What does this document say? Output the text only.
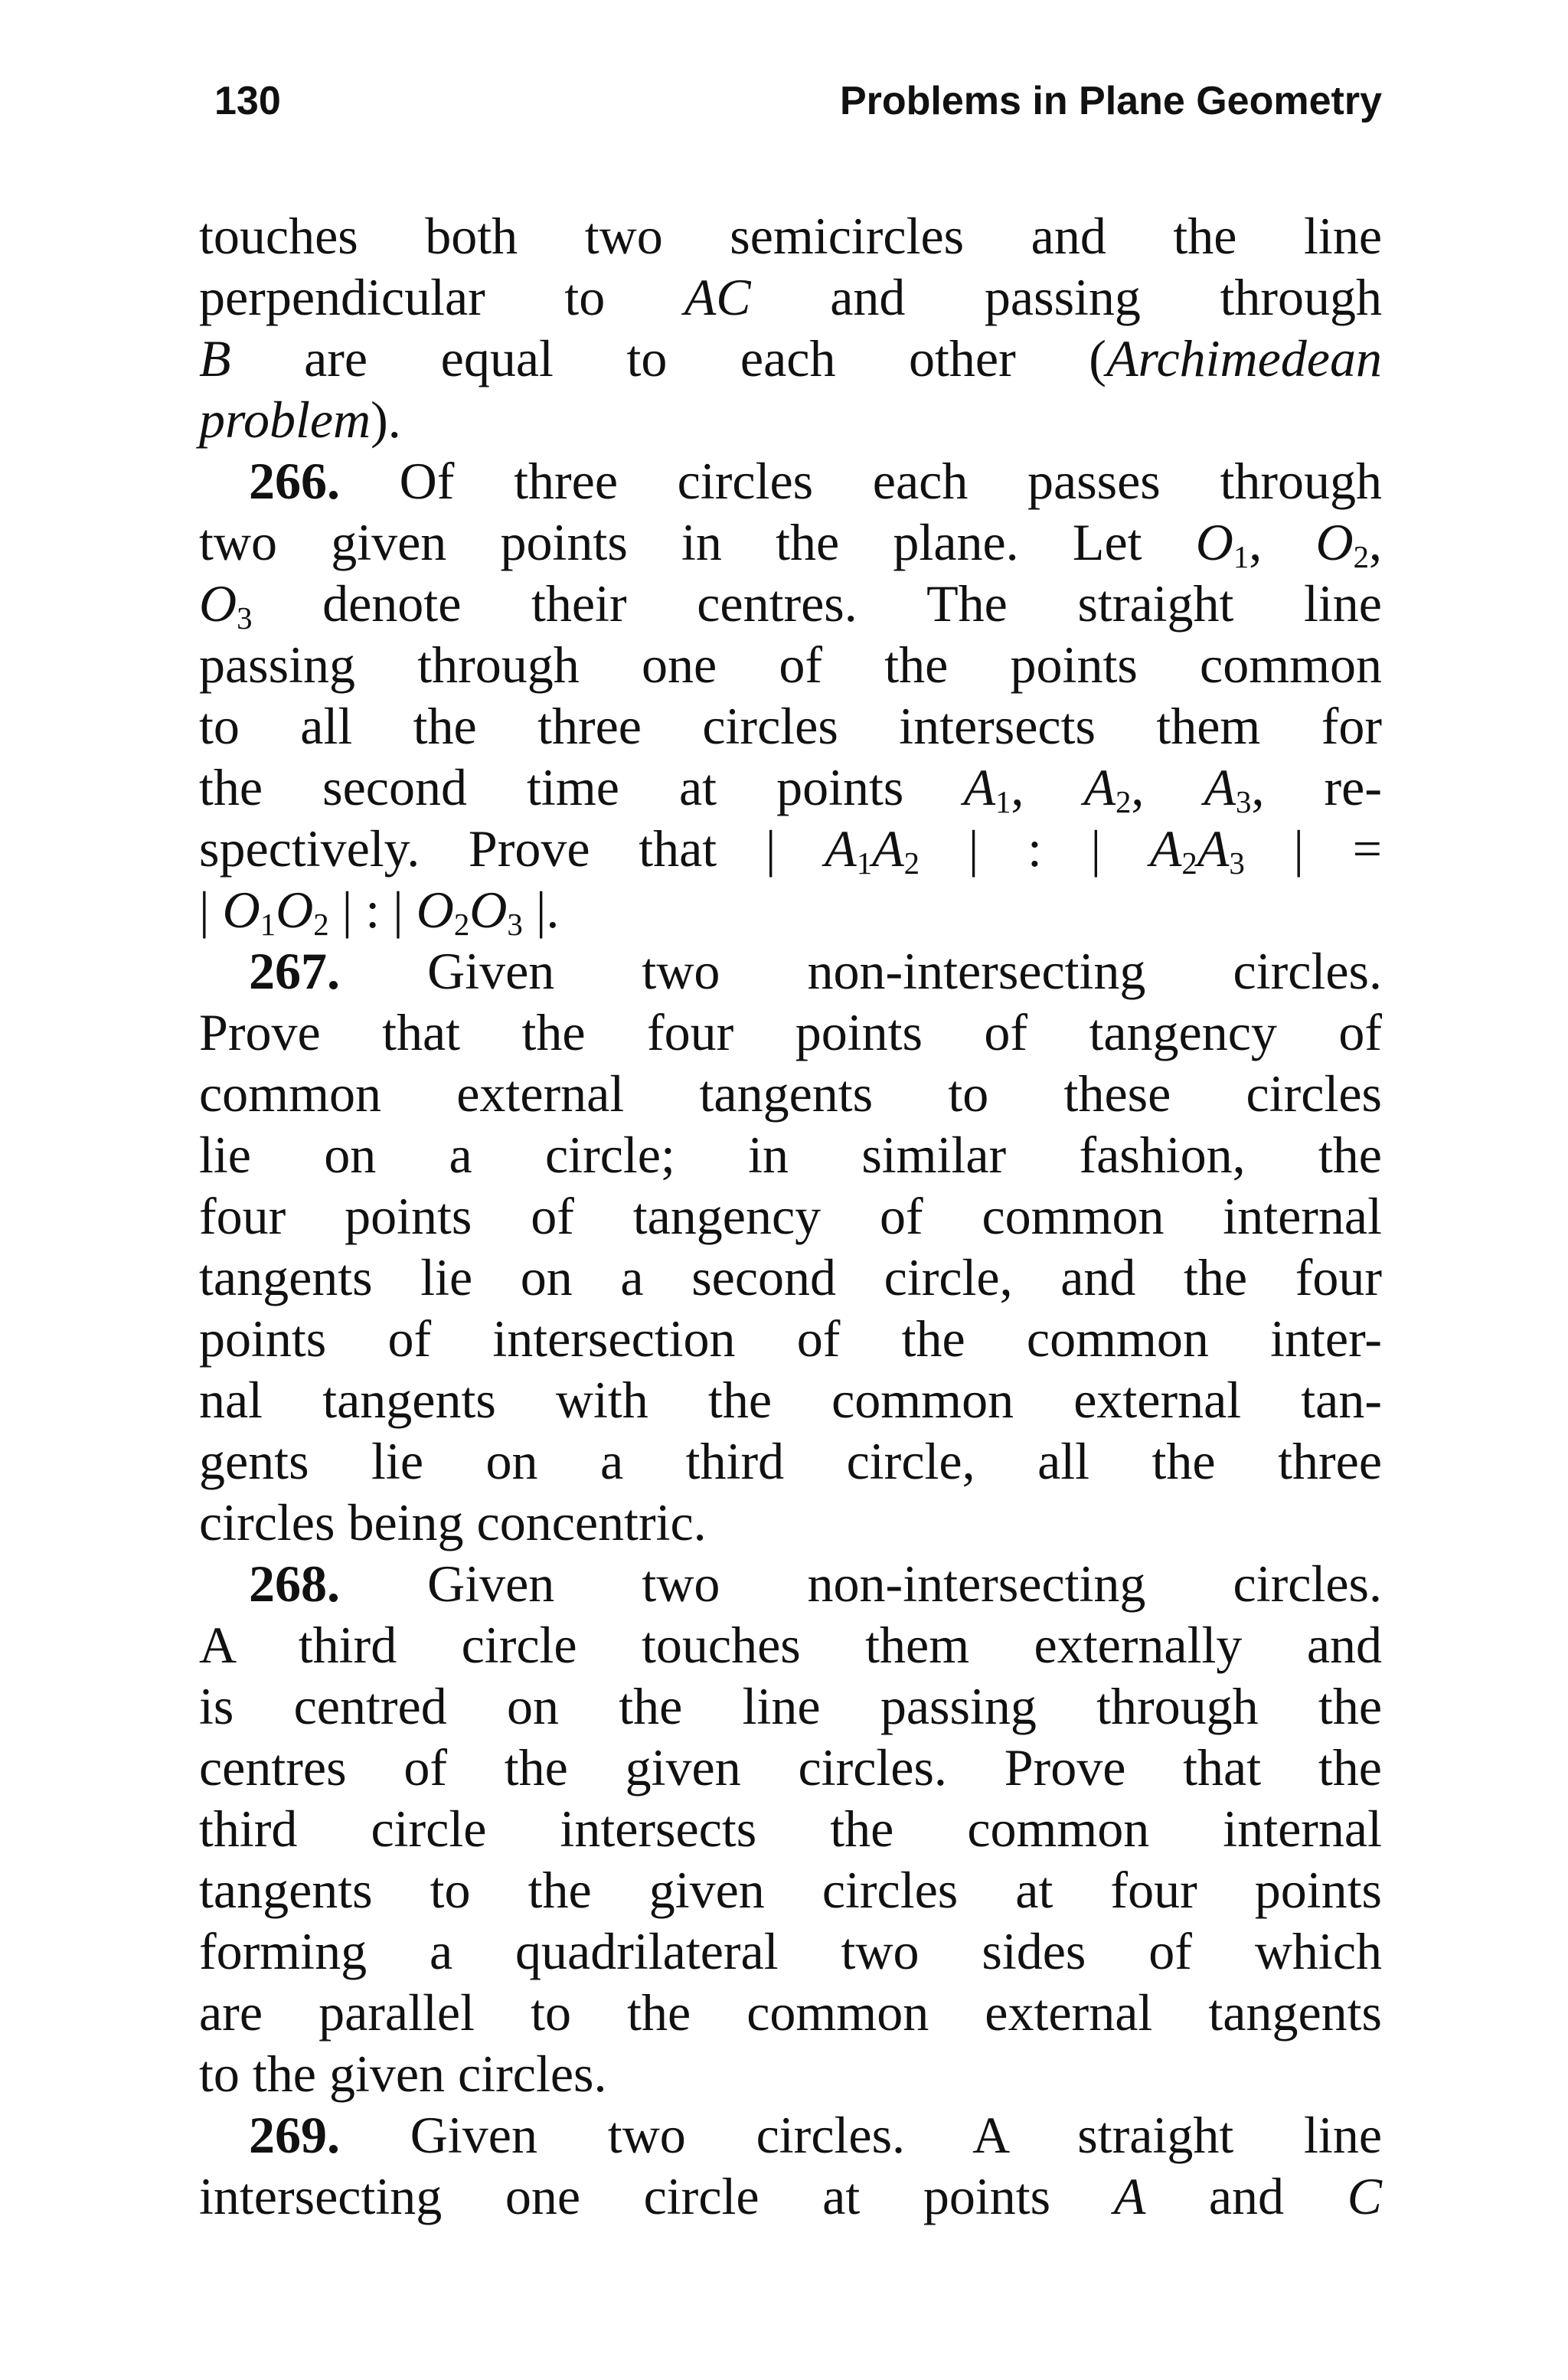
130	Problems in Plane Geometry
touches both two semicircles and the line
perpendicular to AC and passing through
B are equal to each other (Archimedean
problem).
266. Of three circles each passes through
two given points in the plane. Let $O_1$, $O_2$,
$O_3$ denote their centres. The straight line
passing through one of the points common
to all the three circles intersects them for
the second time at points $A_1$, $A_2$, $A_3$, re-
spectively. Prove that | $A_1A_2$ | : | $A_2A_3$ | =
| $O_1O_2$ | : | $O_2O_3$ |.
267. Given two non-intersecting circles.
Prove that the four points of tangency of
common external tangents to these circles
lie on a circle; in similar fashion, the
four points of tangency of common internal
tangents lie on a second circle, and the four
points of intersection of the common inter-
nal tangents with the common external tan-
gents lie on a third circle, all the three
circles being concentric.
268. Given two non-intersecting circles.
A third circle touches them externally and
is centred on the line passing through the
centres of the given circles. Prove that the
third circle intersects the common internal
tangents to the given circles at four points
forming a quadrilateral two sides of which
are parallel to the common external tangents
to the given circles.
269. Given two circles. A straight line
intersecting one circle at points A and C
